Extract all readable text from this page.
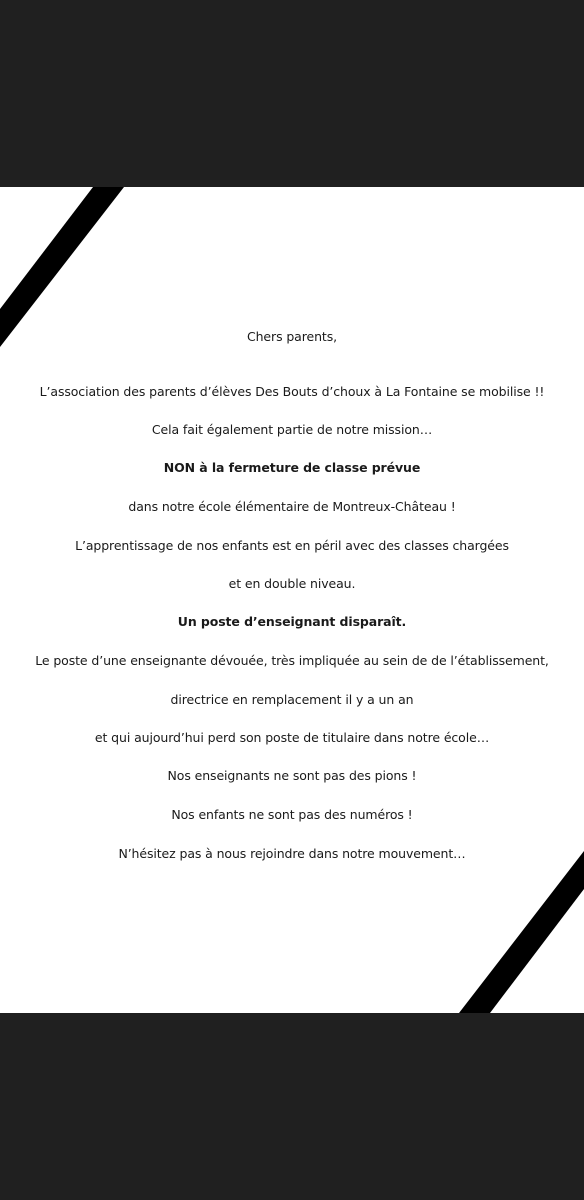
Chers parents,
L’association des parents d’élèves Des Bouts d’choux à La Fontaine se mobilise !!
Cela fait également partie de notre mission…
NON à la fermeture de classe prévue
dans notre école élémentaire de Montreux-Château !
L’apprentissage de nos enfants est en péril avec des classes chargées
et en double niveau.
Un poste d’enseignant disparaît.
Le poste d’une enseignante dévouée, très impliquée au sein de de l’établissement,
directrice en remplacement il y a un an
et qui aujourd’hui perd son poste de titulaire dans notre école…
Nos enseignants ne sont pas des pions !
Nos enfants ne sont pas des numéros !
N’hésitez pas à nous rejoindre dans notre mouvement…
